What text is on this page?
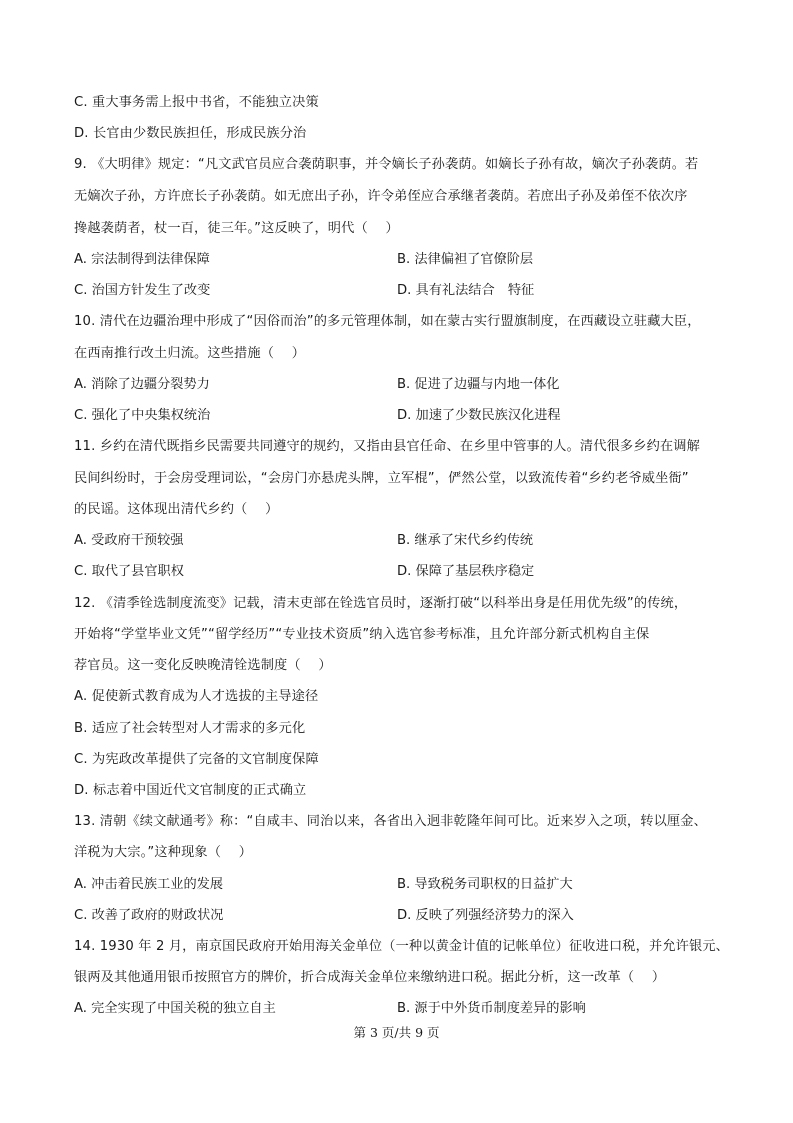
第 3 页/共 9 页
C. 重大事务需上报中书省，不能独立决策
D. 长官由少数民族担任，形成民族分治
9. 《大明律》规定：“凡文武官员应合袭荫职事，并令嫡长子孙袭荫。如嫡长子孙有故，嫡次子孙袭荫。若
无嫡次子孙，方许庶长子孙袭荫。如无庶出子孙，许令弟侄应合承继者袭荫。若庶出子孙及弟侄不依次序
搀越袭荫者，杖一百，徒三年。”这反映了，明代（　 ）
A. 宗法制得到法律保障	B. 法律偏袒了官僚阶层
C. 治国方针发生了改变	D. 具有礼法结合　特征
10. 清代在边疆治理中形成了“因俗而治”的多元管理体制，如在蒙古实行盟旗制度，在西藏设立驻藏大臣，
在西南推行改土归流。这些措施（　 ）
A. 消除了边疆分裂势力	B. 促进了边疆与内地一体化
C. 强化了中央集权统治	D. 加速了少数民族汉化进程
11. 乡约在清代既指乡民需要共同遵守的规约，又指由县官任命、在乡里中管事的人。清代很多乡约在调解
民间纠纷时，于会房受理词讼，“会房门亦悬虎头牌，立军棍”，俨然公堂，以致流传着“乡约老爷威坐衙”
的民谣。这体现出清代乡约（　 ）
A. 受政府干预较强	B. 继承了宋代乡约传统
C. 取代了县官职权	D. 保障了基层秩序稳定
12. 《清季铨选制度流变》记载，清末吏部在铨选官员时，逐渐打破“以科举出身是任用优先级”的传统，
开始将“学堂毕业文凭”“留学经历”“专业技术资质”纳入选官参考标准，且允许部分新式机构自主保
荐官员。这一变化反映晚清铨选制度（　 ）
A. 促使新式教育成为人才选拔的主导途径
B. 适应了社会转型对人才需求的多元化
C. 为宪政改革提供了完备的文官制度保障
D. 标志着中国近代文官制度的正式确立
13. 清朝《续文献通考》称：“自咸丰、同治以来，各省出入迥非乾隆年间可比。近来岁入之项，转以厘金、
洋税为大宗。”这种现象（　 ）
A. 冲击着民族工业的发展	B. 导致税务司职权的日益扩大
C. 改善了政府的财政状况	D. 反映了列强经济势力的深入
14. 1930 年 2 月，南京国民政府开始用海关金单位（一种以黄金计值的记帐单位）征收进口税，并允许银元、
银两及其他通用银币按照官方的牌价，折合成海关金单位来缴纳进口税。据此分析，这一改革（　 ）
A. 完全实现了中国关税的独立自主	B. 源于中外货币制度差异的影响
